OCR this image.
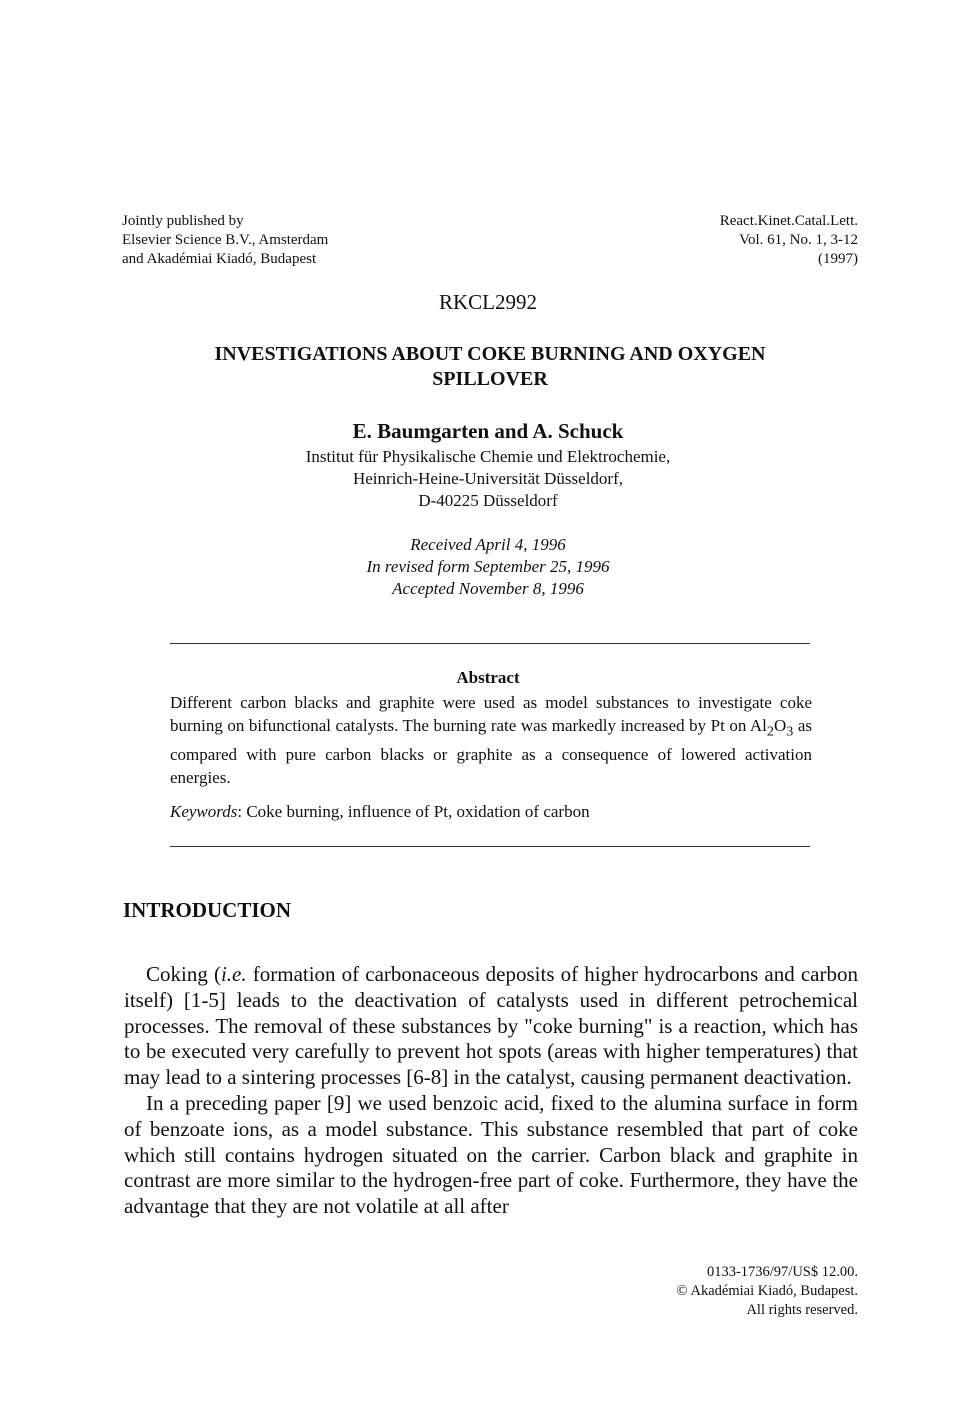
Jointly published by
Elsevier Science B.V., Amsterdam
and Akadémiai Kiadó, Budapest
React.Kinet.Catal.Lett.
Vol. 61, No. 1, 3-12
(1997)
RKCL2992
INVESTIGATIONS ABOUT COKE BURNING AND OXYGEN
SPILLOVER
E. Baumgarten and A. Schuck
Institut für Physikalische Chemie und Elektrochemie,
Heinrich-Heine-Universität Düsseldorf,
D-40225 Düsseldorf
Received April 4, 1996
In revised form September 25, 1996
Accepted November 8, 1996
Abstract
Different carbon blacks and graphite were used as model substances to investigate coke burning on bifunctional catalysts. The burning rate was markedly increased by Pt on $Al_2O_3$ as compared with pure carbon blacks or graphite as a consequence of lowered activation energies.
Keywords: Coke burning, influence of Pt, oxidation of carbon
INTRODUCTION

Coking (i.e. formation of carbonaceous deposits of higher hydrocarbons and carbon itself) [1-5] leads to the deactivation of catalysts used in different petrochemical processes. The removal of these substances by "coke burning" is a reaction, which has to be executed very carefully to prevent hot spots (areas with higher temperatures) that may lead to a sintering processes [6-8] in the catalyst, causing permanent deactivation.

In a preceding paper [9] we used benzoic acid, fixed to the alumina surface in form of benzoate ions, as a model substance. This substance resembled that part of coke which still contains hydrogen situated on the carrier. Carbon black and graphite in contrast are more similar to the hydrogen-free part of coke. Furthermore, they have the advantage that they are not volatile at all after

0133-1736/97/US$ 12.00.
© Akadémiai Kiadó, Budapest.
All rights reserved.
